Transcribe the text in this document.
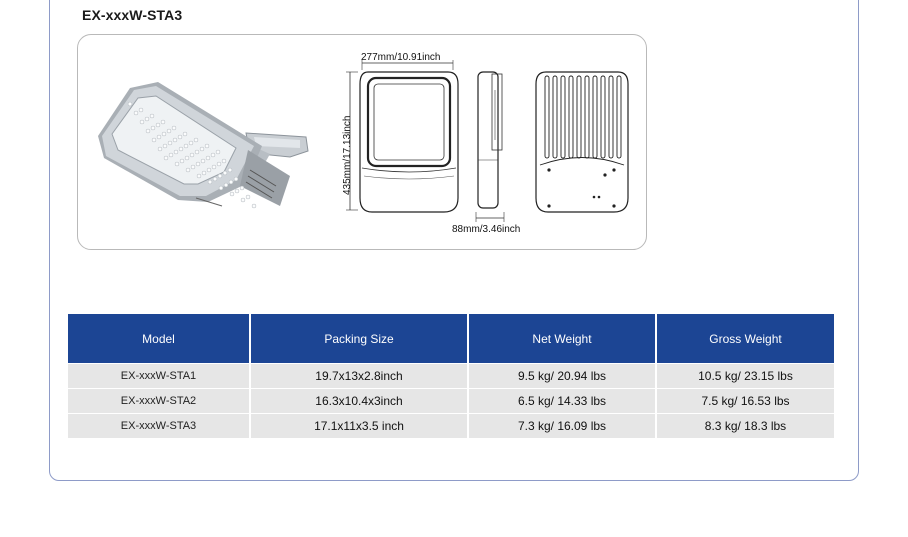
EX-xxxW-STA3
277mm/10.91inch
435mm/17.13inch
88mm/3.46inch
Model	Packing Size	Net Weight	Gross Weight
EX-xxxW-STA1	19.7x13x2.8inch	9.5 kg/ 20.94 lbs	10.5 kg/ 23.15 lbs
EX-xxxW-STA2	16.3x10.4x3inch	6.5 kg/ 14.33 lbs	7.5 kg/ 16.53 lbs
EX-xxxW-STA3	17.1x11x3.5 inch	7.3 kg/ 16.09 lbs	8.3 kg/ 18.3 lbs
